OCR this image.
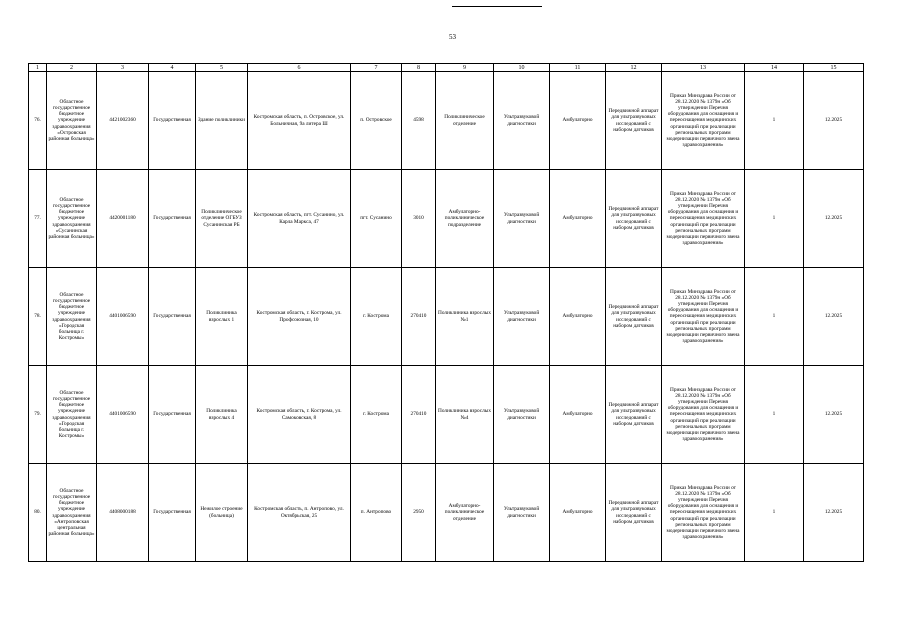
53
1	2	3	4	5	6	7	8	9	10	11	12	13	14	15
76.	Областное государственное бюджетное учреждение здравоохранения «Островская районная больница»	4421002360	Государственная	Здание поликлиники	Костромская область, п. Островское, ул. Больничная, 9а литера Ш	п. Островское	4598	Поликлиническое отделение	Ультразвуковой диагностики	Амбулаторно	Передвижной аппарат для ультразвуковых исследований с набором датчиков	Приказ Минздрава России от 28.12.2020 № 1379н «Об утверждении Перечня оборудования для оснащения и переоснащения медицинских организаций при реализации региональных программ модернизации первичного звена здравоохранения»	1	12.2025
77.	Областное государственное бюджетное учреждение здравоохранения «Сусанинская районная больница»	4420001180	Государственная	Поликлиническое отделение ОГБУЗ Сусанинская РБ	Костромская область, пгт. Сусанино, ул. Карла Маркса, 47	пгт. Сусанино	3010	Амбулаторно-поликлиническое подразделение	Ультразвуковой диагностики	Амбулаторно	Передвижной аппарат для ультразвуковых исследований с набором датчиков	Приказ Минздрава России от 28.12.2020 № 1379н «Об утверждении Перечня оборудования для оснащения и переоснащения медицинских организаций при реализации региональных программ модернизации первичного звена здравоохранения»	1	12.2025
78.	Областное государственное бюджетное учреждение здравоохранения «Городская больница г. Костромы»	4401006590	Государственная	Поликлиника взрослых 1	Костромская область, г. Кострома, ул. Профсоюзная, 10	г. Кострома	270410	Поликлиника взрослых №1	Ультразвуковой диагностики	Амбулаторно	Передвижной аппарат для ультразвуковых исследований с набором датчиков	Приказ Минздрава России от 28.12.2020 № 1379н «Об утверждении Перечня оборудования для оснащения и переоснащения медицинских организаций при реализации региональных программ модернизации первичного звена здравоохранения»	1	12.2025
79.	Областное государственное бюджетное учреждение здравоохранения «Городская больница г. Костромы»	4401006590	Государственная	Поликлиника взрослых 4	Костромская область, г. Кострома, ул. Самоковская, 8	г. Кострома	270410	Поликлиника взрослых №4	Ультразвуковой диагностики	Амбулаторно	Передвижной аппарат для ультразвуковых исследований с набором датчиков	Приказ Минздрава России от 28.12.2020 № 1379н «Об утверждении Перечня оборудования для оснащения и переоснащения медицинских организаций при реализации региональных программ модернизации первичного звена здравоохранения»	1	12.2025
80.	Областное государственное бюджетное учреждение здравоохранения «Антроповская центральная районная больница»	4408000188	Государственная	Нежилое строение (больница)	Костромская область, п. Антропово, ул. Октябрьская, 25	п. Антропово	2950	Амбулаторно-поликлиническое отделение	Ультразвуковой диагностики	Амбулаторно	Передвижной аппарат для ультразвуковых исследований с набором датчиков	Приказ Минздрава России от 28.12.2020 № 1379н «Об утверждении Перечня оборудования для оснащения и переоснащения медицинских организаций при реализации региональных программ модернизации первичного звена здравоохранения»	1	12.2025
